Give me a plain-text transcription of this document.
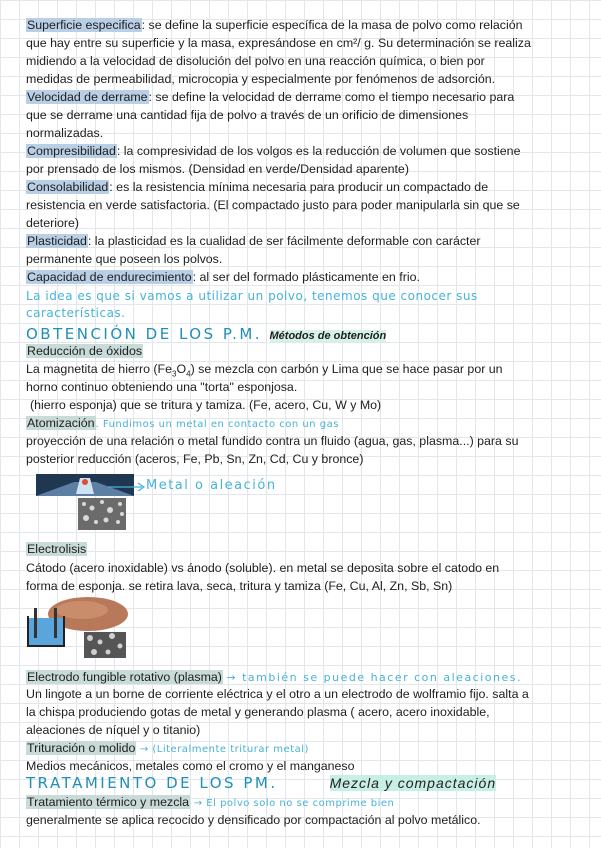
Superficie especifica: se define la superficie específica de la masa de polvo como relación

que hay entre su superficie y la masa, expresándose en cm²/ g. Su determinación se realiza

midiendo a la velocidad de disolución del polvo en una reacción química, o bien por

medidas de permeabilidad, microcopia y especialmente por fenómenos de adsorción.

Velocidad de derrame: se define la velocidad de derrame como el tiempo necesario para

que se derrame una cantidad fija de polvo a través de un orificio de dimensiones

normalizadas.

Compresibilidad: la compresividad de los volgos es la reducción de volumen que sostiene

por prensado de los mismos. (Densidad en verde/Densidad aparente)

Consolabilidad: es la resistencia mínima necesaria para producir un compactado de

resistencia en verde satisfactoria. (El compactado justo para poder manipularla sin que se

deteriore)

Plasticidad: la plasticidad es la cualidad de ser fácilmente deformable con carácter

permanente que poseen los polvos.

Capacidad de endurecimiento: al ser del formado plásticamente en frio.

La idea es que si vamos a utilizar un polvo, tenemos que conocer sus

características.

OBTENCIÓN DE LOS P.M. Métodos de obtención

Reducción de óxidos

La magnetita de hierro $(Fe_3O_4)$ se mezcla con carbón y Lima que se hace pasar por un

horno continuo obteniendo una "torta" esponjosa.

(hierro esponja) que se tritura y tamiza. (Fe, acero, Cu, W y Mo)

Atomización. Fundimos un metal en contacto con un gas

proyección de una relación o metal fundido contra un fluido (agua, gas, plasma...) para su

posterior reducción (aceros, Fe, Pb, Sn, Zn, Cd, Cu y bronce)

Metal o aleación

Electrolisis

Cátodo (acero inoxidable) vs ánodo (soluble). en metal se deposita sobre el catodo en

forma de esponja. se retira lava, seca, tritura y tamiza (Fe, Cu, Al, Zn, Sb, Sn)

Electrodo fungible rotativo (plasma) → también se puede hacer con aleaciones.

Un lingote a un borne de corriente eléctrica y el otro a un electrodo de wolframio fijo. salta a

la chispa produciendo gotas de metal y generando plasma ( acero, acero inoxidable,

aleaciones de níquel y o titanio)

Trituración o molido → (Literalmente triturar metal)

Medios mecánicos, metales como el cromo y el manganeso

TRATAMIENTO DE LOS PM.	Mezcla y compactación

Tratamiento térmico y mezcla → El polvo solo no se comprime bien

generalmente se aplica recocido y densificado por compactación al polvo metálico.
